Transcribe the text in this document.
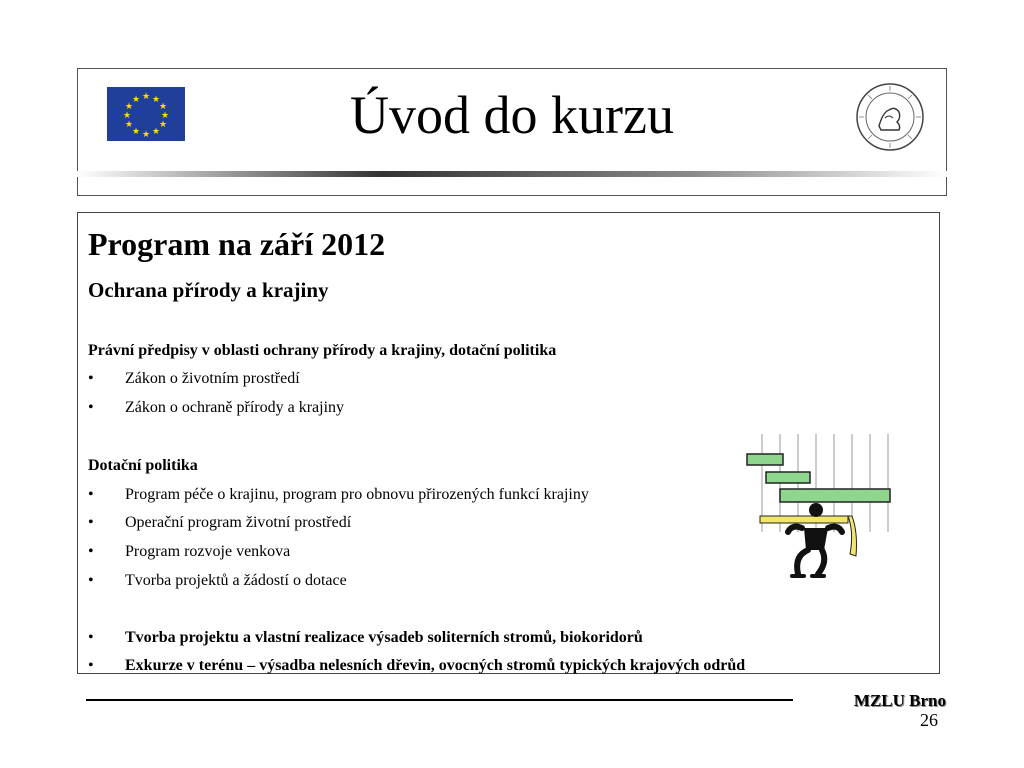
★ ★
★
★
★
★
★
★
★
★
★
★	Úvod do kurzu
Program na září 2012
Ochrana přírody a krajiny
Právní předpisy v oblasti ochrany přírody a krajiny, dotační politika
• Zákon o životním prostředí
• Zákon o ochraně přírody a krajiny
Dotační politika
• Program péče o krajinu, program pro obnovu přirozených funkcí krajiny
• Operační program životní prostředí
• Program rozvoje venkova
• Tvorba projektů a žádostí o dotace
• Tvorba projektu a vlastní realizace výsadeb soliterních stromů, biokoridorů
• Exkurze v terénu – výsadba nelesních dřevin, ovocných stromů typických krajových odrůd
MZLU Brno
26
